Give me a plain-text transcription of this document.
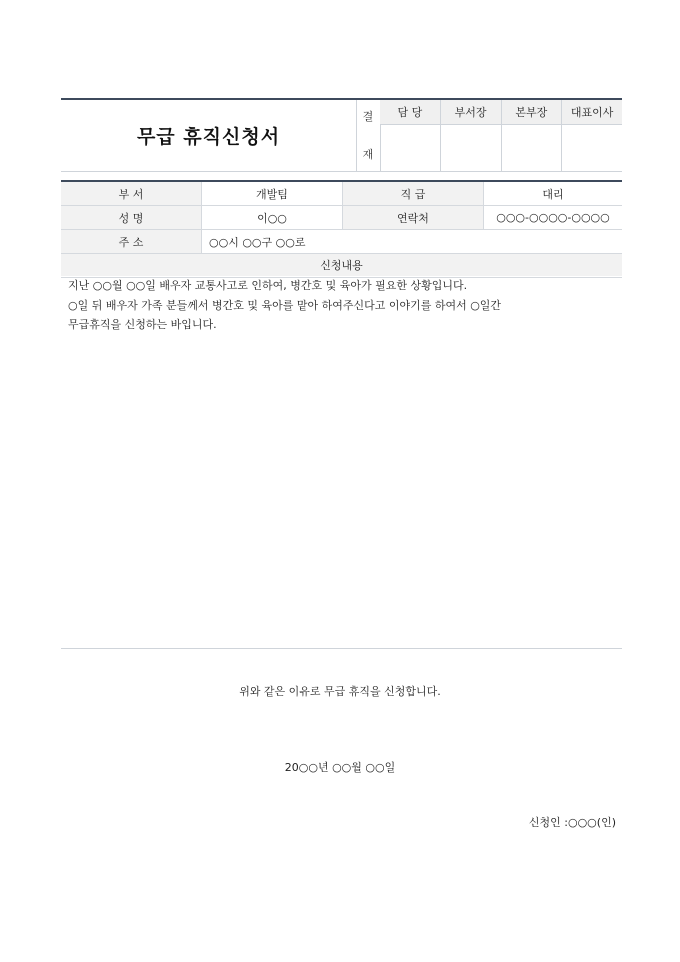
무급 휴직신청서
결
재
담 당	부서장	본부장	대표이사
부 서	개발팀	직 급	대리
성 명	이○○	연락처	○○○-○○○○-○○○○
주 소	○○시 ○○구 ○○로
신청내용

지난 ○○월 ○○일 배우자 교통사고로 인하여, 병간호 및 육아가 필요한 상황입니다.

○일 뒤 배우자 가족 분들께서 병간호 및 육아를 맡아 하여주신다고 이야기를 하여서 ○일간

무급휴직을 신청하는 바입니다.

위와 같은 이유로 무급 휴직을 신청합니다.
20○○년 ○○월 ○○일
신청인 :○○○(인)
